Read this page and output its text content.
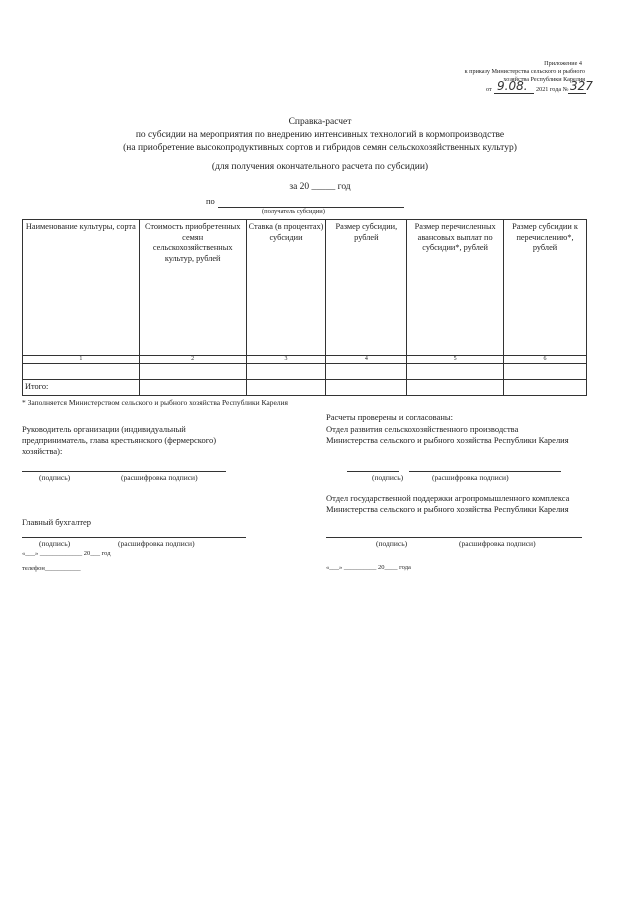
Приложение 4
к приказу Министерства сельского и рыбного
хозяйства Республики Карелия
от 9.08. 2021 года № 327
Справка-расчет
по субсидии на мероприятия по внедрению интенсивных технологий в кормопроизводстве
(на приобретение высокопродуктивных сортов и гибридов семян сельскохозяйственных культур)
(для получения окончательного расчета по субсидии)
за 20 _____ год
по
(получатель субсидии)
Наименование культуры, сорта	Стоимость приобретенных семян сельскохозяйственных культур, рублей	Ставка (в процентах) субсидии	Размер субсидии, рублей	Размер перечисленных авансовых выплат по субсидии*, рублей	Размер субсидии к перечислению*, рублей
1	2	3	4	5	6

Итого:					
* Заполняется Министерством сельского и рыбного хозяйства Республики Карелия
Руководитель организации (индивидуальный предприниматель, глава крестьянского (фермерского) хозяйства):
(подпись)	(расшифровка подписи)
Главный бухгалтер
(подпись)	(расшифровка подписи)
«___» _____________ 20___ год
телефон___________
Расчеты проверены и согласованы:
Отдел развития сельскохозяйственного производства Министерства сельского и рыбного хозяйства Республики Карелия
(подпись)	(расшифровка подписи)
Отдел государственной поддержки агропромышленного комплекса Министерства сельского и рыбного хозяйства Республики Карелия
(подпись)	(расшифровка подписи)
«___» __________ 20____ года
